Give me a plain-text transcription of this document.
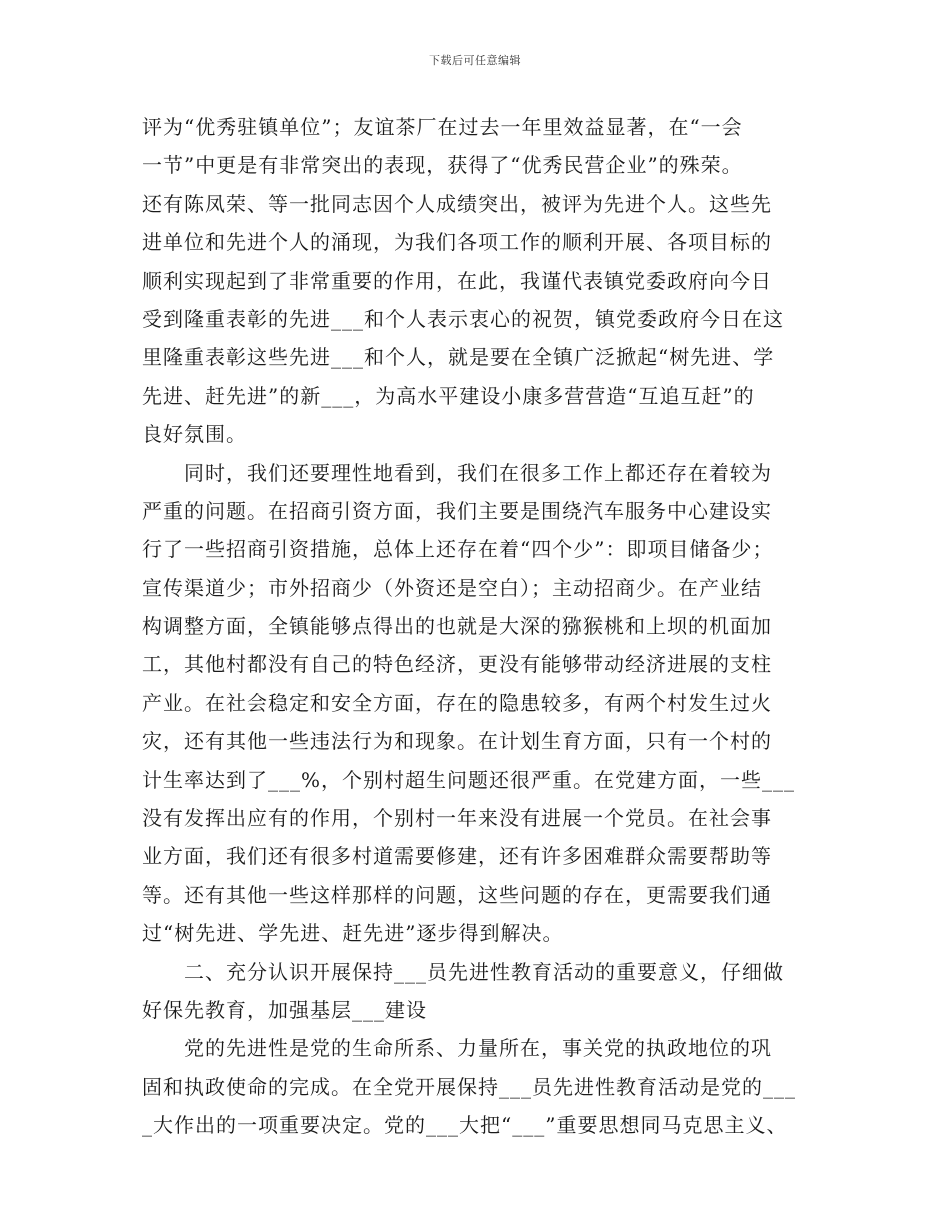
下载后可任意编辑
评为“优秀驻镇单位”；友谊茶厂在过去一年里效益显著，在“一会
一节”中更是有非常突出的表现，获得了“优秀民营企业”的殊荣。
还有陈凤荣、等一批同志因个人成绩突出，被评为先进个人。这些先
进单位和先进个人的涌现，为我们各项工作的顺利开展、各项目标的
顺利实现起到了非常重要的作用，在此，我谨代表镇党委政府向今日
受到隆重表彰的先进___和个人表示衷心的祝贺，镇党委政府今日在这
里隆重表彰这些先进___和个人，就是要在全镇广泛掀起“树先进、学
先进、赶先进”的新___，为高水平建设小康多营营造“互追互赶”的
良好氛围。
　　同时，我们还要理性地看到，我们在很多工作上都还存在着较为
严重的问题。在招商引资方面，我们主要是围绕汽车服务中心建设实
行了一些招商引资措施，总体上还存在着“四个少”：即项目储备少；
宣传渠道少；市外招商少（外资还是空白）；主动招商少。在产业结
构调整方面，全镇能够点得出的也就是大深的猕猴桃和上坝的机面加
工，其他村都没有自己的特色经济，更没有能够带动经济进展的支柱
产业。在社会稳定和安全方面，存在的隐患较多，有两个村发生过火
灾，还有其他一些违法行为和现象。在计划生育方面，只有一个村的
计生率达到了___%，个别村超生问题还很严重。在党建方面，一些___
没有发挥出应有的作用，个别村一年来没有进展一个党员。在社会事
业方面，我们还有很多村道需要修建，还有许多困难群众需要帮助等
等。还有其他一些这样那样的问题，这些问题的存在，更需要我们通
过“树先进、学先进、赶先进”逐步得到解决。
　　二、充分认识开展保持___员先进性教育活动的重要意义，仔细做
好保先教育，加强基层___建设
　　党的先进性是党的生命所系、力量所在，事关党的执政地位的巩
固和执政使命的完成。在全党开展保持___员先进性教育活动是党的___
_大作出的一项重要决定。党的___大把“___”重要思想同马克思主义、
